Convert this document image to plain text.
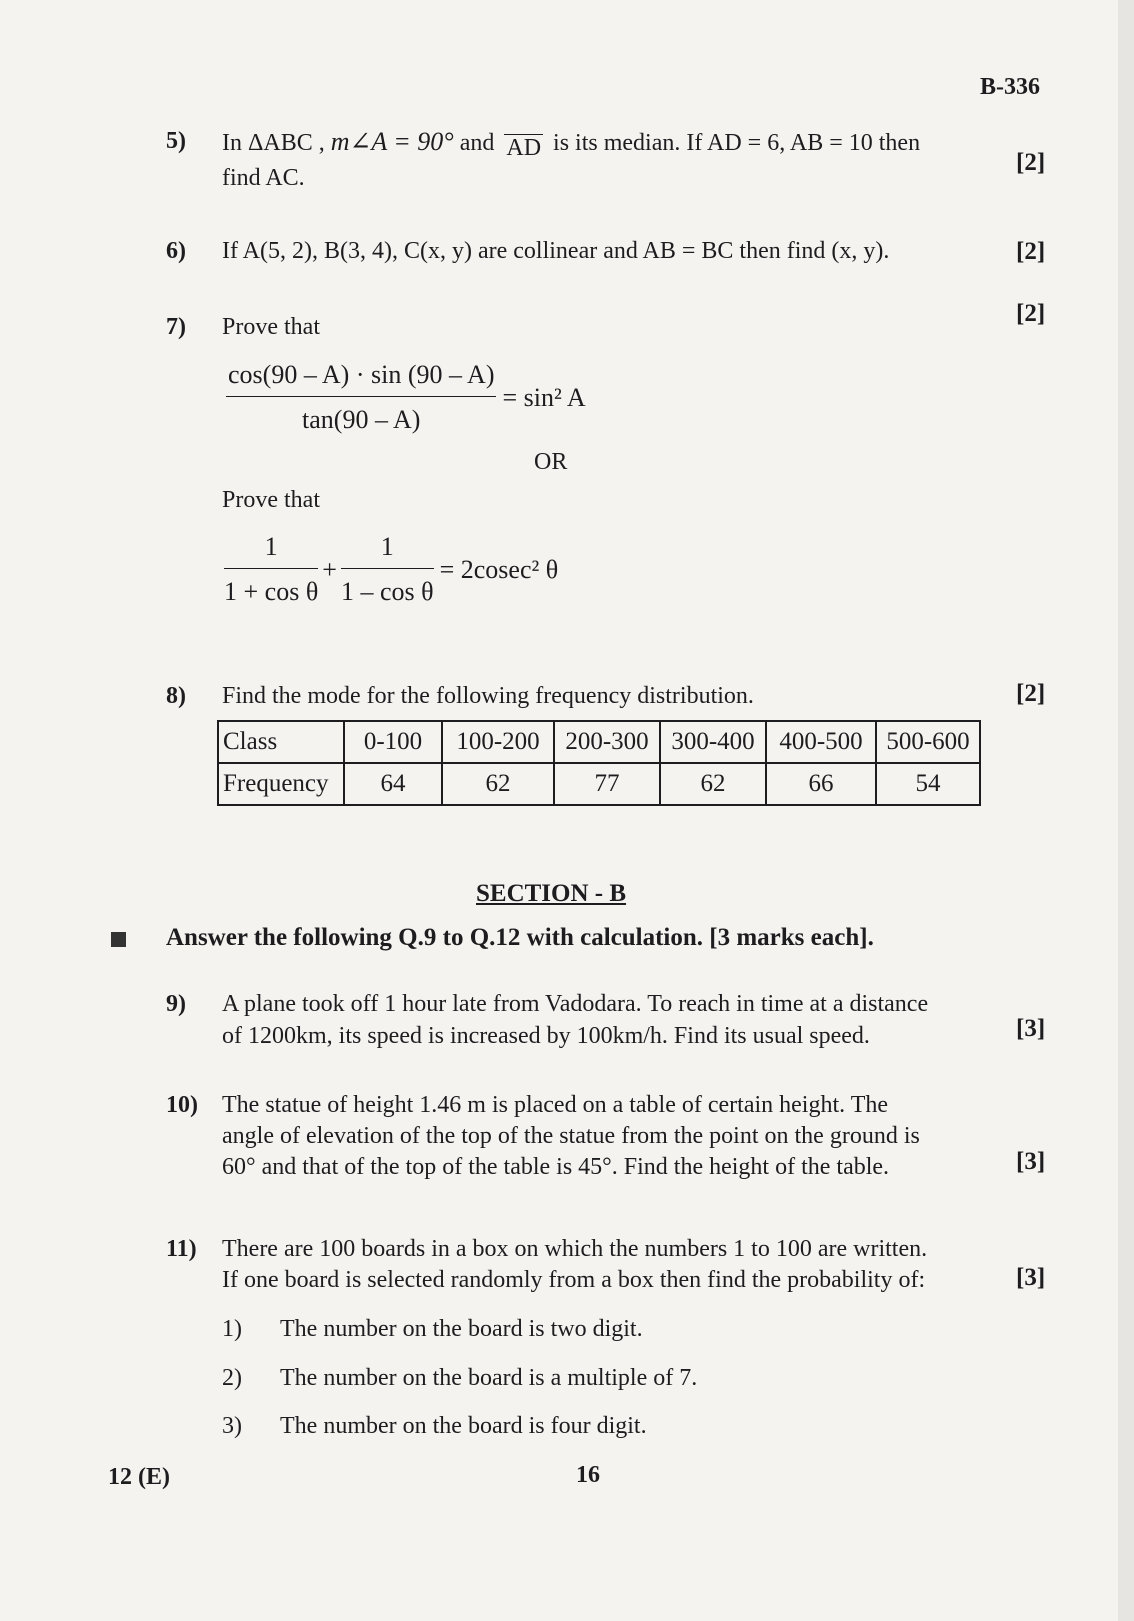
B-336
5) In ΔABC , m∠A = 90° and AD is its median. If AD = 6, AB = 10 then
find AC.
[2]
6) If A(5, 2), B(3, 4), C(x, y) are collinear and AB = BC then find (x, y).	[2]
7) Prove that	[2]
$\frac{\cos(90 - A) \cdot \sin (90 - A)}{\tan(90 - A)} = \sin^2$ A
OR
Prove that
$\frac{1}{\text{1 + cos θ}} + \frac{1}{\text{1 – cos θ}} = 2cosec^2$ θ
8) Find the mode for the following frequency distribution.	[2]
Class	0-100	100-200	200-300	300-400	400-500	500-600
Frequency	64	62	77	62	66	54
SECTION - B
Answer the following Q.9 to Q.12 with calculation. [3 marks each].
9) A plane took off 1 hour late from Vadodara. To reach in time at a distance
of 1200km, its speed is increased by 100km/h. Find its usual speed.	[3]
10) The statue of height 1.46 m is placed on a table of certain height. The
angle of elevation of the top of the statue from the point on the ground is
60° and that of the top of the table is 45°. Find the height of the table.	[3]
11) There are 100 boards in a box on which the numbers 1 to 100 are written.
If one board is selected randomly from a box then find the probability of:	[3]
1)	The number on the board is two digit.
2)	The number on the board is a multiple of 7.
3)	The number on the board is four digit.
12 (E)	16
